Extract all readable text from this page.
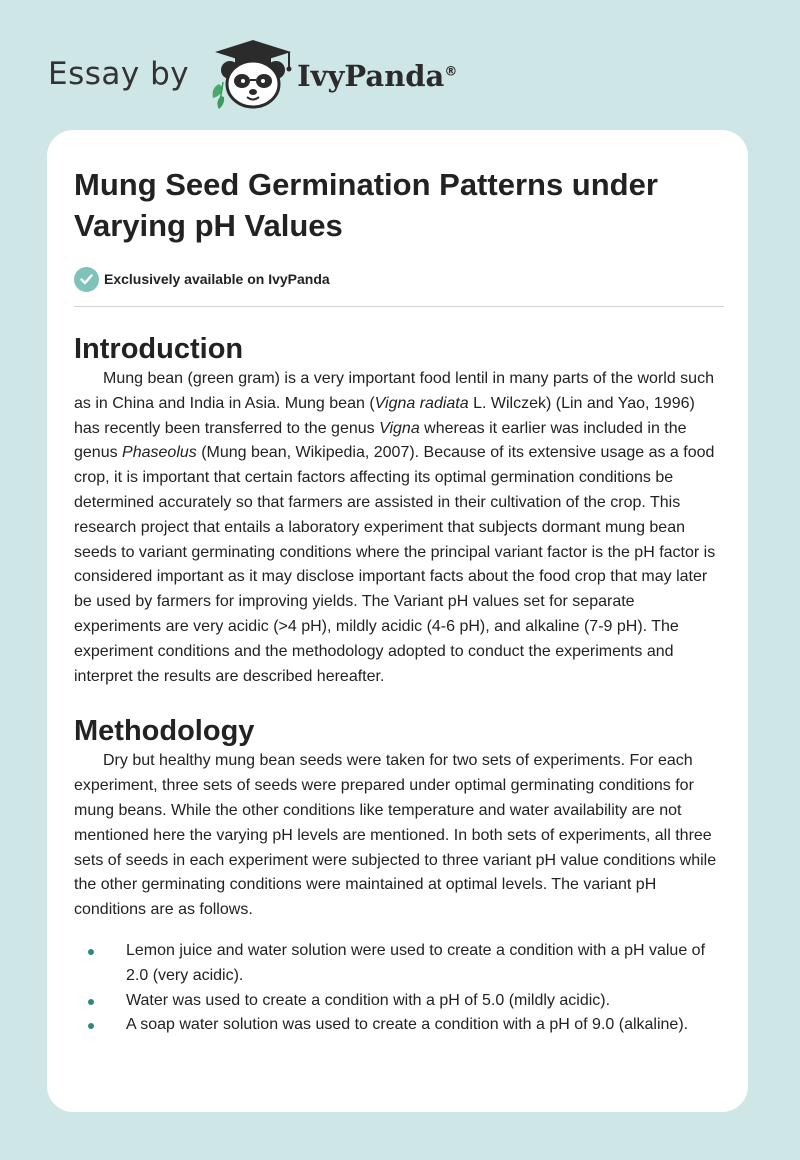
Essay by	IvyPanda®
Mung Seed Germination Patterns under Varying pH Values
Exclusively available on IvyPanda
Introduction

Mung bean (green gram) is a very important food lentil in many parts of the world such as in China and India in Asia. Mung bean (Vigna radiata L. Wilczek) (Lin and Yao, 1996) has recently been transferred to the genus Vigna whereas it earlier was included in the genus Phaseolus (Mung bean, Wikipedia, 2007). Because of its extensive usage as a food crop, it is important that certain factors affecting its optimal germination conditions be determined accurately so that farmers are assisted in their cultivation of the crop. This research project that entails a laboratory experiment that subjects dormant mung bean seeds to variant germinating conditions where the principal variant factor is the pH factor is considered important as it may disclose important facts about the food crop that may later be used by farmers for improving yields. The Variant pH values set for separate experiments are very acidic (>4 pH), mildly acidic (4-6 pH), and alkaline (7-9 pH). The experiment conditions and the methodology adopted to conduct the experiments and interpret the results are described hereafter.

Methodology

Dry but healthy mung bean seeds were taken for two sets of experiments. For each experiment, three sets of seeds were prepared under optimal germinating conditions for mung beans. While the other conditions like temperature and water availability are not mentioned here the varying pH levels are mentioned. In both sets of experiments, all three sets of seeds in each experiment were subjected to three variant pH value conditions while the other germinating conditions were maintained at optimal levels. The variant pH conditions are as follows.

Lemon juice and water solution were used to create a condition with a pH value of 2.0 (very acidic).
Water was used to create a condition with a pH of 5.0 (mildly acidic).
A soap water solution was used to create a condition with a pH of 9.0 (alkaline).
